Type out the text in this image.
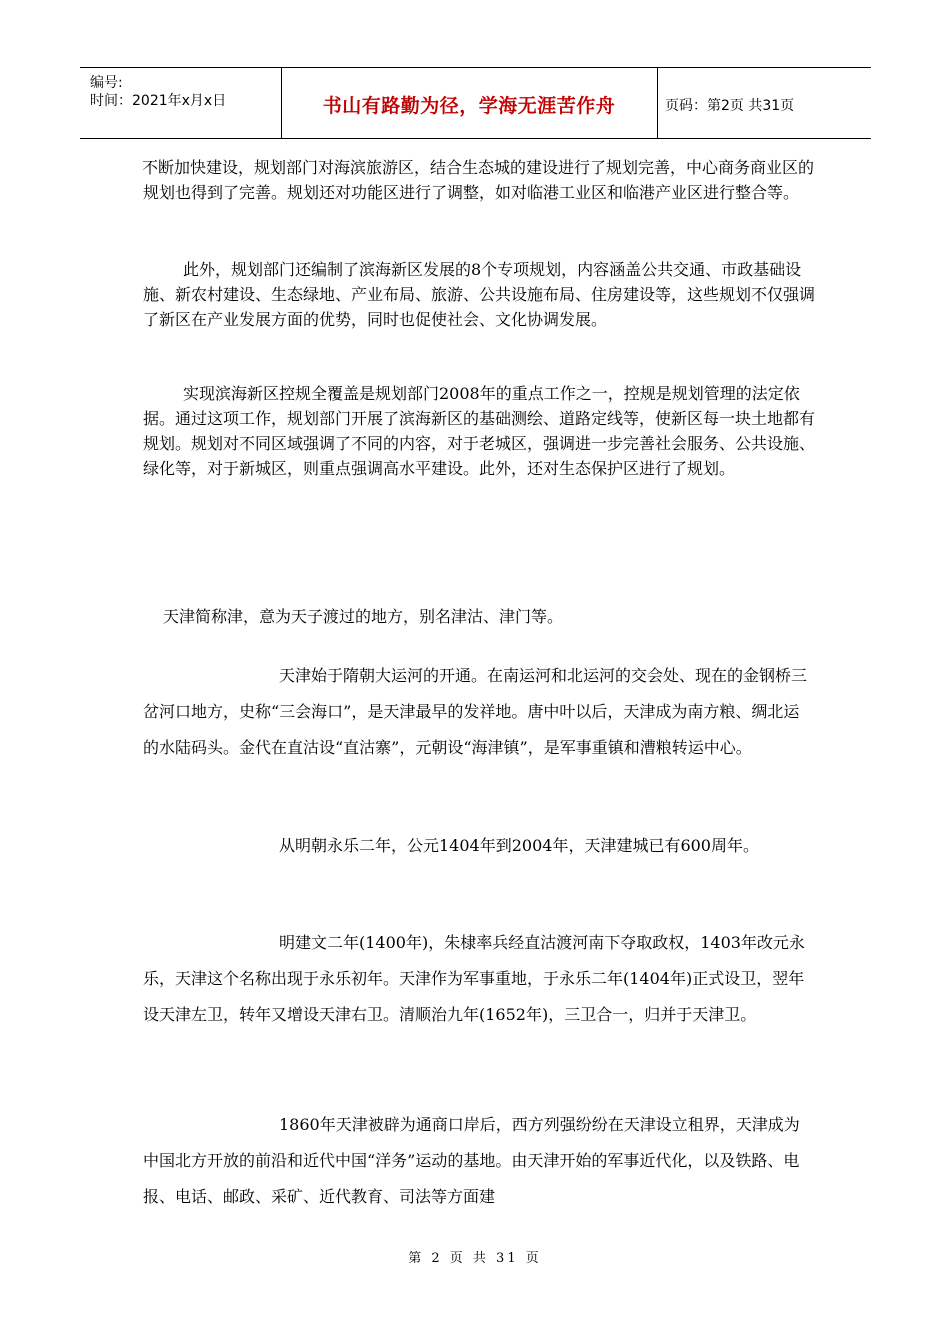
编号:
时间：2021年x月x日	书山有路勤为径，学海无涯苦作舟	页码：第2页 共31页

不断加快建设，规划部门对海滨旅游区，结合生态城的建设进行了规划完善，中心商务商业区的规划也得到了完善。规划还对功能区进行了调整，如对临港工业区和临港产业区进行整合等。

此外，规划部门还编制了滨海新区发展的8个专项规划，内容涵盖公共交通、市政基础设施、新农村建设、生态绿地、产业布局、旅游、公共设施布局、住房建设等，这些规划不仅强调了新区在产业发展方面的优势，同时也促使社会、文化协调发展。

实现滨海新区控规全覆盖是规划部门2008年的重点工作之一，控规是规划管理的法定依据。通过这项工作，规划部门开展了滨海新区的基础测绘、道路定线等，使新区每一块土地都有规划。规划对不同区域强调了不同的内容，对于老城区，强调进一步完善社会服务、公共设施、绿化等，对于新城区，则重点强调高水平建设。此外，还对生态保护区进行了规划。

天津简称津，意为天子渡过的地方，别名津沽、津门等。

天津始于隋朝大运河的开通。在南运河和北运河的交会处、现在的金钢桥三岔河口地方，史称“三会海口”，是天津最早的发祥地。唐中叶以后，天津成为南方粮、绸北运的水陆码头。金代在直沽设“直沽寨”，元朝设“海津镇”，是军事重镇和漕粮转运中心。

从明朝永乐二年，公元1404年到2004年，天津建城已有600周年。

明建文二年(1400年)，朱棣率兵经直沽渡河南下夺取政权，1403年改元永乐，天津这个名称出现于永乐初年。天津作为军事重地，于永乐二年(1404年)正式设卫，翌年设天津左卫，转年又增设天津右卫。清顺治九年(1652年)，三卫合一，归并于天津卫。

1860年天津被辟为通商口岸后，西方列强纷纷在天津设立租界，天津成为中国北方开放的前沿和近代中国“洋务”运动的基地。由天津开始的军事近代化，以及铁路、电报、电话、邮政、采矿、近代教育、司法等方面建

第 2 页 共 31 页
